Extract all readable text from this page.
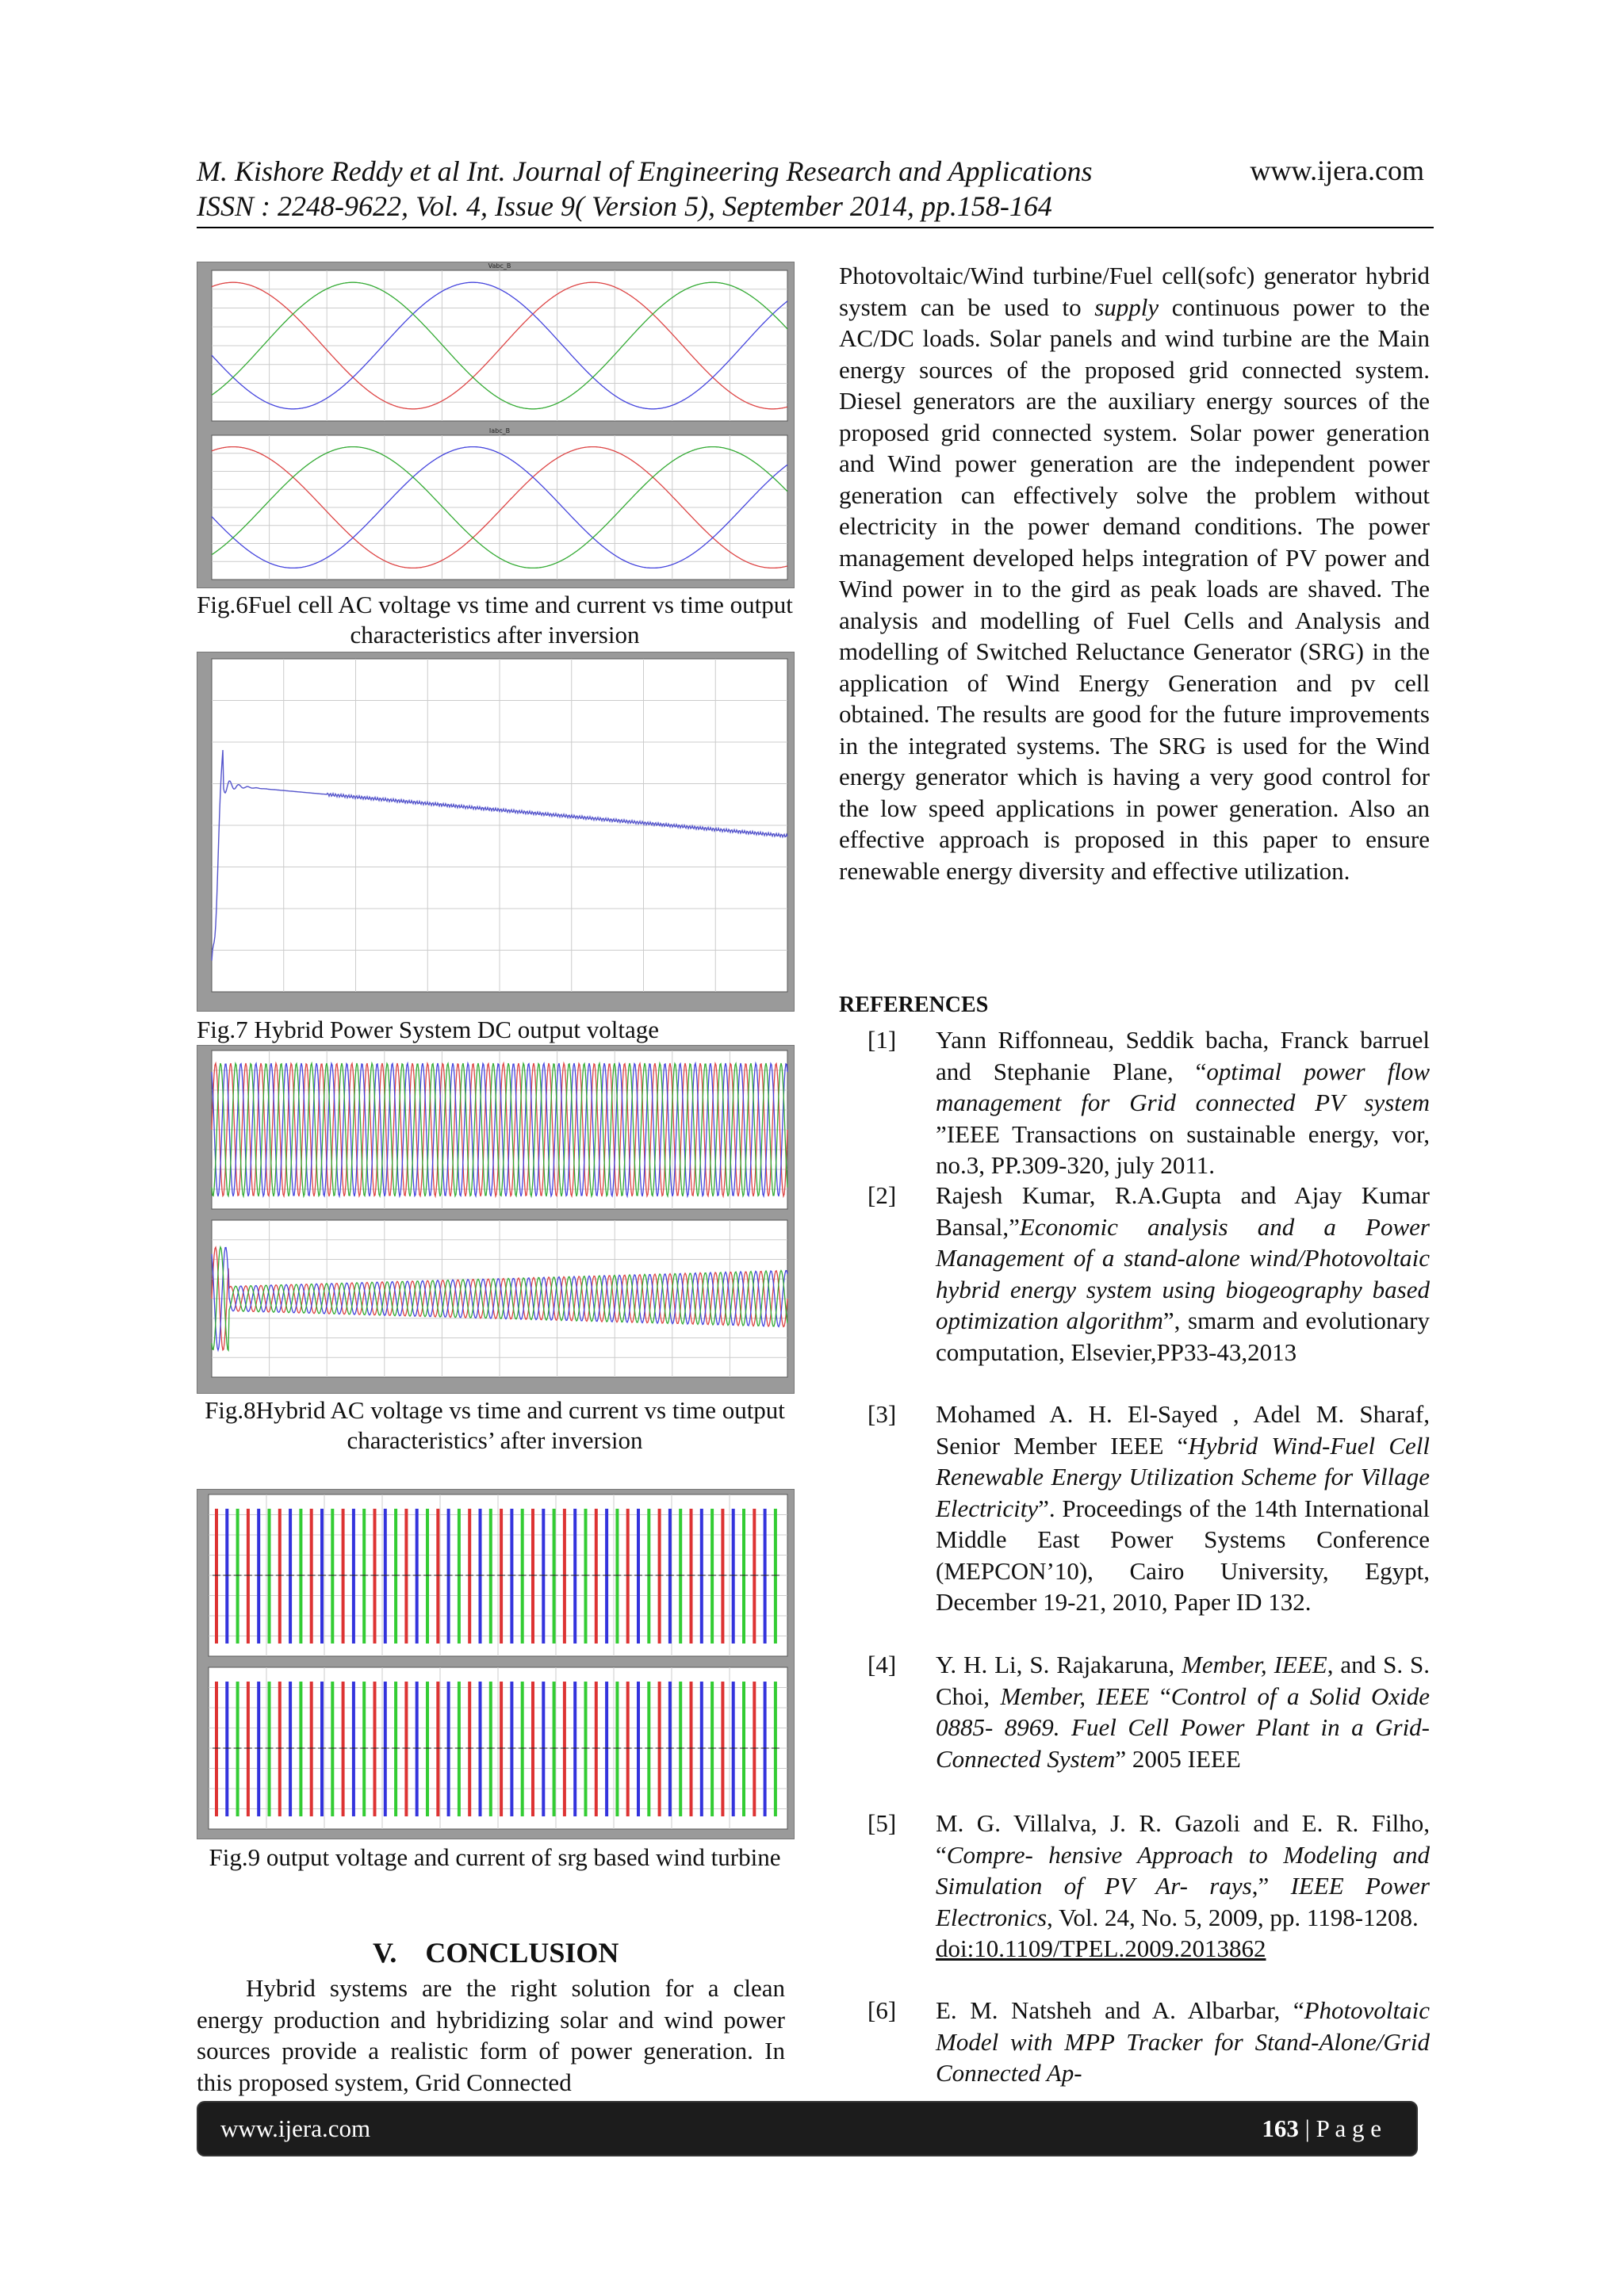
M. Kishore Reddy et al Int. Journal of Engineering Research and Applications	www.ijera.com
ISSN : 2248-9622, Vol. 4, Issue 9( Version 5), September 2014, pp.158-164
Vabc_B
Iabc_B
Fig.6Fuel cell AC voltage vs time and current vs time output characteristics after inversion
Fig.7 Hybrid Power System DC output voltage
Fig.8Hybrid AC voltage vs time and current vs time output characteristics’ after inversion
Fig.9 output voltage and current of srg based wind turbine
V. CONCLUSION

Hybrid systems are the right solution for a clean energy production and hybridizing solar and wind power sources provide a realistic form of power generation. In this proposed system, Grid Connected

Photovoltaic/Wind turbine/Fuel cell(sofc) generator hybrid system can be used to supply continuous power to the AC/DC loads. Solar panels and wind turbine are the Main energy sources of the proposed grid connected system. Diesel generators are the auxiliary energy sources of the proposed grid connected system. Solar power generation and Wind power generation are the independent power generation can effectively solve the problem without electricity in the power demand conditions. The power management developed helps integration of PV power and Wind power in to the gird as peak loads are shaved. The analysis and modelling of Fuel Cells and Analysis and modelling of Switched Reluctance Generator (SRG) in the application of Wind Energy Generation and pv cell obtained. The results are good for the future improvements in the integrated systems. The SRG is used for the Wind energy generator which is having a very good control for the low speed applications in power generation. Also an effective approach is proposed in this paper to ensure renewable energy diversity and effective utilization.

REFERENCES
[1] Yann Riffonneau, Seddik bacha, Franck barruel and Stephanie Plane, “optimal power flow management for Grid connected PV system ”IEEE Transactions on sustainable energy, vor, no.3, PP.309-320, july 2011.
[2] Rajesh Kumar, R.A.Gupta and Ajay Kumar Bansal,”Economic analysis and a Power Management of a stand-alone wind/Photovoltaic hybrid energy system using biogeography based optimization algorithm”, smarm and evolutionary computation, Elsevier,PP33-43,2013
[3] Mohamed A. H. El-Sayed , Adel M. Sharaf, Senior Member IEEE “Hybrid Wind-Fuel Cell Renewable Energy Utilization Scheme for Village Electricity”. Proceedings of the 14th International Middle East Power Systems Conference (MEPCON’10), Cairo University, Egypt, December 19-21, 2010, Paper ID 132.
[4] Y. H. Li, S. Rajakaruna, Member, IEEE, and S. S. Choi, Member, IEEE “Control of a Solid Oxide 0885- 8969. Fuel Cell Power Plant in a Grid-Connected System” 2005 IEEE
[5] M. G. Villalva, J. R. Gazoli and E. R. Filho, “Compre- hensive Approach to Modeling and Simulation of PV Ar- rays,” IEEE Power Electronics, Vol. 24, No. 5, 2009, pp. 1198-1208.
doi:10.1109/TPEL.2009.2013862
[6] E. M. Natsheh and A. Albarbar, “Photovoltaic Model with MPP Tracker for Stand-Alone/Grid Connected Ap-
www.ijera.com	163 | P a g e
